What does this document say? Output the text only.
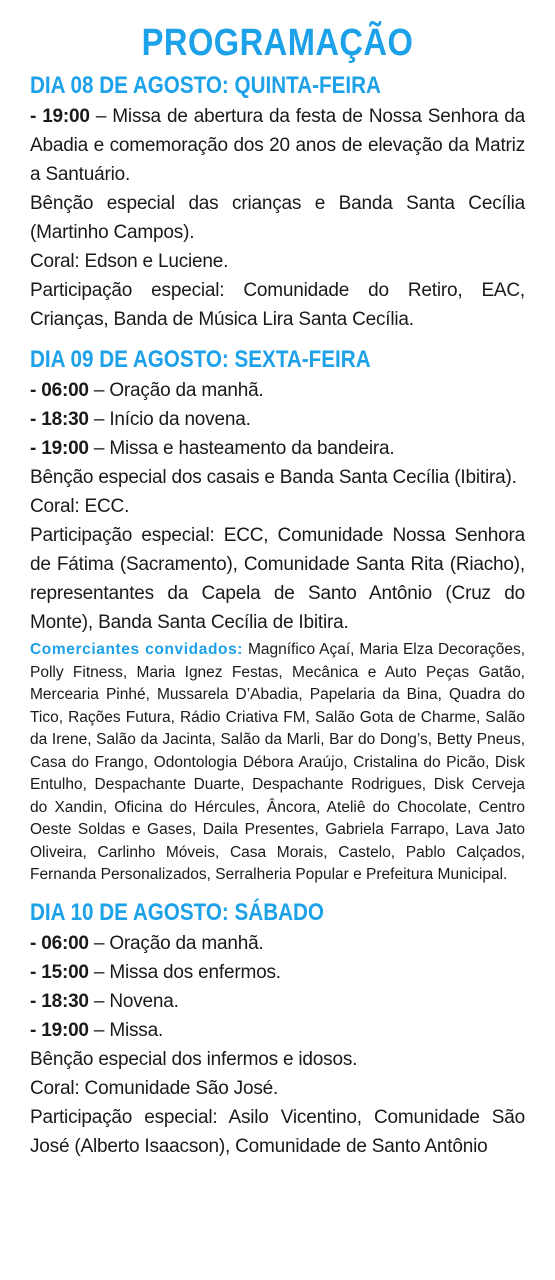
PROGRAMAÇÃO
DIA 08 DE AGOSTO: QUINTA-FEIRA

- 19:00 – Missa de abertura da festa de Nossa Senhora da Abadia e comemoração dos 20 anos de elevação da Matriz a Santuário.

Bênção especial das crianças e Banda Santa Cecília (Martinho Campos).

Coral: Edson e Luciene.

Participação especial: Comunidade do Retiro, EAC, Crianças, Banda de Música Lira Santa Cecília.

DIA 09 DE AGOSTO: SEXTA-FEIRA

- 06:00 – Oração da manhã.

- 18:30 – Início da novena.

- 19:00 – Missa e hasteamento da bandeira.

Bênção especial dos casais e Banda Santa Cecília (Ibitira).

Coral: ECC.

Participação especial: ECC, Comunidade Nossa Senhora de Fátima (Sacramento), Comunidade Santa Rita (Riacho), representantes da Capela de Santo Antônio (Cruz do Monte), Banda Santa Cecília de Ibitira.

Comerciantes convidados: Magnífico Açaí, Maria Elza Decorações, Polly Fitness, Maria Ignez Festas, Mecânica e Auto Peças Gatão, Mercearia Pinhé, Mussarela D’Abadia, Papelaria da Bina, Quadra do Tico, Rações Futura, Rádio Criativa FM, Salão Gota de Charme, Salão da Irene, Salão da Jacinta, Salão da Marli, Bar do Dong’s, Betty Pneus, Casa do Frango, Odontologia Débora Araújo, Cristalina do Picão, Disk Entulho, Despachante Duarte, Despachante Rodrigues, Disk Cerveja do Xandin, Oficina do Hércules, Âncora, Ateliê do Chocolate, Centro Oeste Soldas e Gases, Daila Presentes, Gabriela Farrapo, Lava Jato Oliveira, Carlinho Móveis, Casa Morais, Castelo, Pablo Calçados, Fernanda Personalizados, Serralheria Popular e Prefeitura Municipal.

DIA 10 DE AGOSTO: SÁBADO

- 06:00 – Oração da manhã.

- 15:00 – Missa dos enfermos.

- 18:30 – Novena.

- 19:00 – Missa.

Bênção especial dos infermos e idosos.

Coral: Comunidade São José.

Participação especial: Asilo Vicentino, Comunidade São José (Alberto Isaacson), Comunidade de Santo Antônio
